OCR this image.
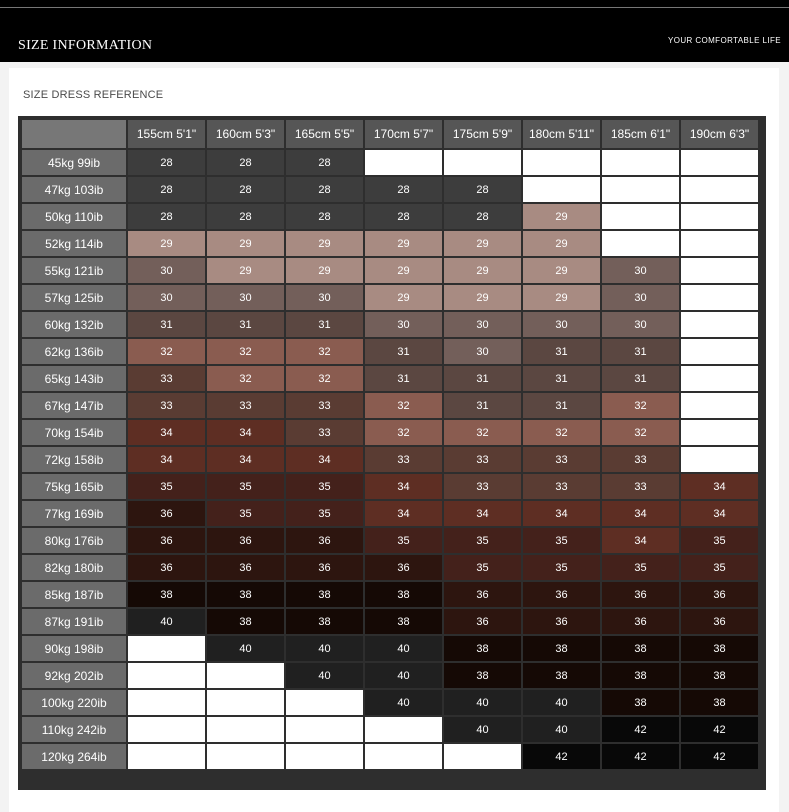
SIZE INFORMATION	YOUR COMFORTABLE LIFE
SIZE DRESS REFERENCE
	155cm 5'1"	160cm 5'3"	165cm 5'5"	170cm 5'7"	175cm 5'9"	180cm 5'11"	185cm 6'1"	190cm 6'3"
45kg 99ib	28	28	28					
47kg 103ib	28	28	28	28	28			
50kg 110ib	28	28	28	28	28	29		
52kg 114ib	29	29	29	29	29	29		
55kg 121ib	30	29	29	29	29	29	30	
57kg 125ib	30	30	30	29	29	29	30	
60kg 132ib	31	31	31	30	30	30	30	
62kg 136ib	32	32	32	31	30	31	31	
65kg 143ib	33	32	32	31	31	31	31	
67kg 147ib	33	33	33	32	31	31	32	
70kg 154ib	34	34	33	32	32	32	32	
72kg 158ib	34	34	34	33	33	33	33	
75kg 165ib	35	35	35	34	33	33	33	34
77kg 169ib	36	35	35	34	34	34	34	34
80kg 176ib	36	36	36	35	35	35	34	35
82kg 180ib	36	36	36	36	35	35	35	35
85kg 187ib	38	38	38	38	36	36	36	36
87kg 191ib	40	38	38	38	36	36	36	36
90kg 198ib		40	40	40	38	38	38	38
92kg 202ib			40	40	38	38	38	38
100kg 220ib				40	40	40	38	38
110kg 242ib					40	40	42	42
120kg 264ib						42	42	42
